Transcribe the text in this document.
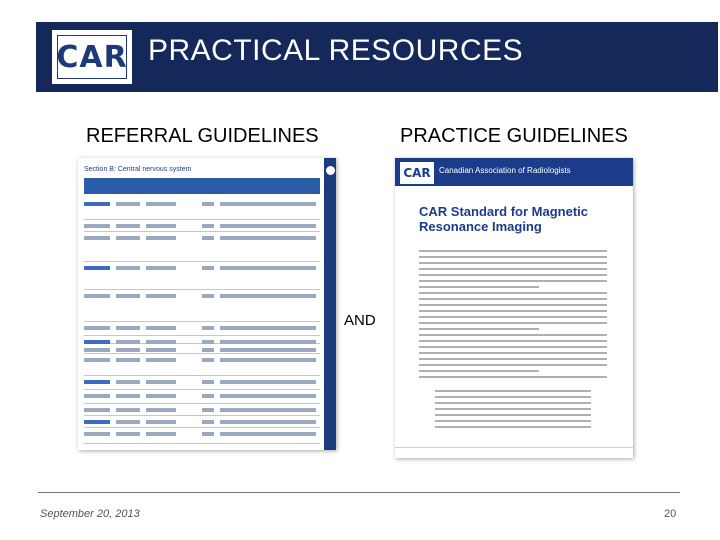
CAR PRACTICAL RESOURCES
REFERRAL GUIDELINES	PRACTICE GUIDELINES
Section B: Central nervous system
AND
CAR	Canadian Association of Radiologists
CAR Standard for Magnetic Resonance Imaging
September 20, 2013	20
